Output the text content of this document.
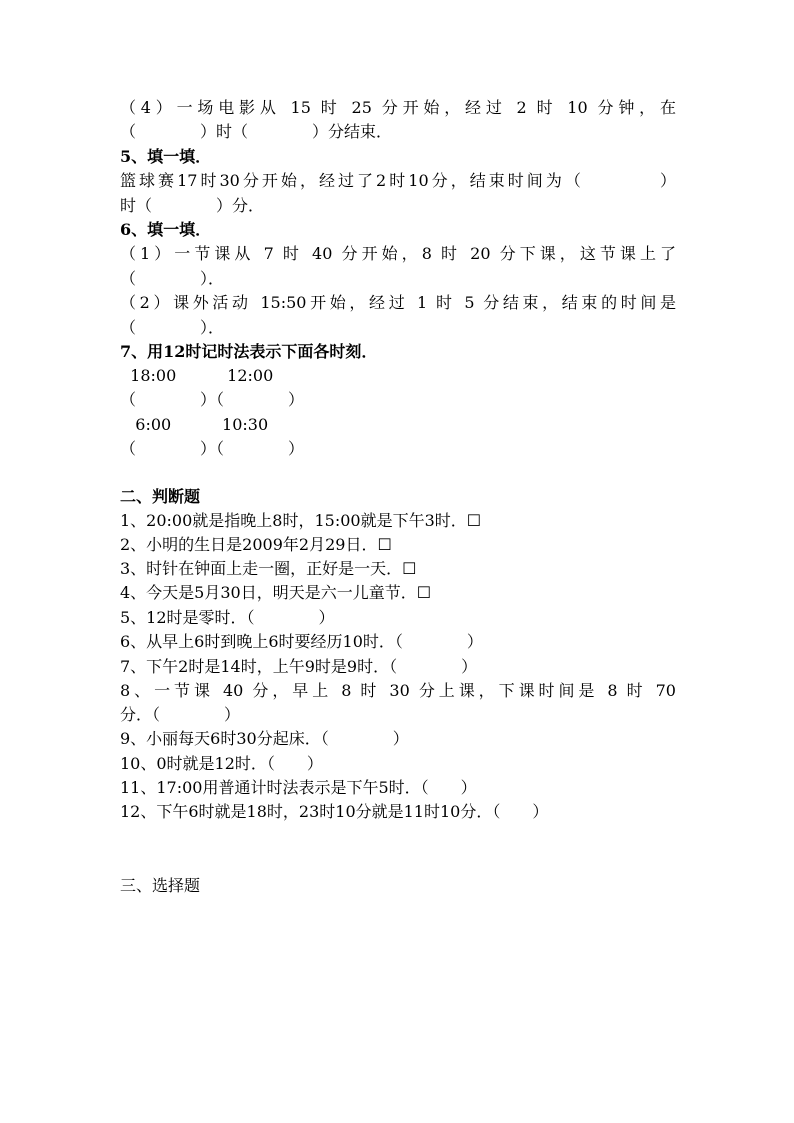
（4）一场电影从 15 时 25 分开始，经过 2 时 10 分钟，在
（　　　　）时（　　　　）分结束．
5、填一填．
篮球赛17时30分开始，经过了2时10分，结束时间为（　　　　）
时（　　　　）分．
6、填一填．
（1）一节课从 7 时 40 分开始，8 时 20 分下课，这节课上了
（　　　　）．
（2）课外活动 15:50开始，经过 1 时 5 分结束，结束的时间是
（　　　　）．
7、用12时记时法表示下面各时刻．
18:00          12:00
（　　　　）（　　　　）
6:00          10:30
（　　　　）（　　　　）
二、判断题
1、20:00就是指晚上8时，15:00就是下午3时．☐
2、小明的生日是2009年2月29日．☐
3、时针在钟面上走一圈，正好是一天．☐
4、今天是5月30日，明天是六一儿童节．☐
5、12时是零时．（　　　　）
6、从早上6时到晚上6时要经历10时．（　　　　）
7、下午2时是14时，上午9时是9时．（　　　　）
8、一节课 40 分，早上 8 时 30 分上课，下课时间是 8 时 70
分．（　　　　）
9、小丽每天6时30分起床．（　　　　）
10、0时就是12时．（　　）
11、17:00用普通计时法表示是下午5时．（　　）
12、下午6时就是18时，23时10分就是11时10分．（　　）
三、选择题
